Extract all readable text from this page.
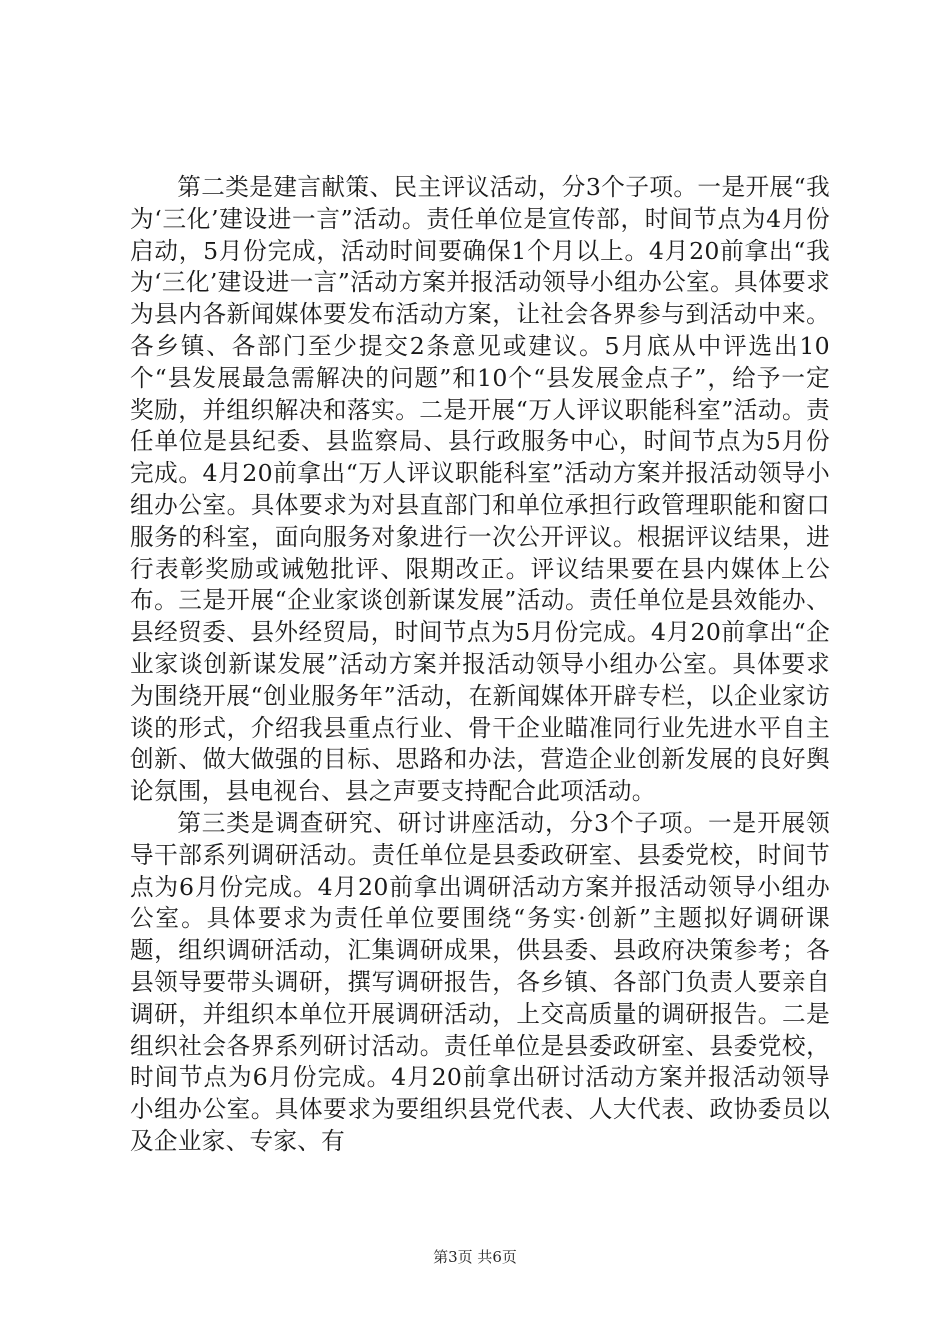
第二类是建言献策、民主评议活动，分3个子项。一是开展“我为‘三化’建设进一言”活动。责任单位是宣传部，时间节点为4月份启动，5月份完成，活动时间要确保1个月以上。4月20前拿出“我为‘三化’建设进一言”活动方案并报活动领导小组办公室。具体要求为县内各新闻媒体要发布活动方案，让社会各界参与到活动中来。各乡镇、各部门至少提交2条意见或建议。5月底从中评选出10个“县发展最急需解决的问题”和10个“县发展金点子”，给予一定奖励，并组织解决和落实。二是开展“万人评议职能科室”活动。责任单位是县纪委、县监察局、县行政服务中心，时间节点为5月份完成。4月20前拿出“万人评议职能科室”活动方案并报活动领导小组办公室。具体要求为对县直部门和单位承担行政管理职能和窗口服务的科室，面向服务对象进行一次公开评议。根据评议结果，进行表彰奖励或诫勉批评、限期改正。评议结果要在县内媒体上公布。三是开展“企业家谈创新谋发展”活动。责任单位是县效能办、县经贸委、县外经贸局，时间节点为5月份完成。4月20前拿出“企业家谈创新谋发展”活动方案并报活动领导小组办公室。具体要求为围绕开展“创业服务年”活动，在新闻媒体开辟专栏，以企业家访谈的形式，介绍我县重点行业、骨干企业瞄准同行业先进水平自主创新、做大做强的目标、思路和办法，营造企业创新发展的良好舆论氛围，县电视台、县之声要支持配合此项活动。

第三类是调查研究、研讨讲座活动，分3个子项。一是开展领导干部系列调研活动。责任单位是县委政研室、县委党校，时间节点为6月份完成。4月20前拿出调研活动方案并报活动领导小组办公室。具体要求为责任单位要围绕“务实·创新”主题拟好调研课题，组织调研活动，汇集调研成果，供县委、县政府决策参考；各县领导要带头调研，撰写调研报告，各乡镇、各部门负责人要亲自调研，并组织本单位开展调研活动，上交高质量的调研报告。二是组织社会各界系列研讨活动。责任单位是县委政研室、县委党校，时间节点为6月份完成。4月20前拿出研讨活动方案并报活动领导小组办公室。具体要求为要组织县党代表、人大代表、政协委员以及企业家、专家、有

第3页 共6页
